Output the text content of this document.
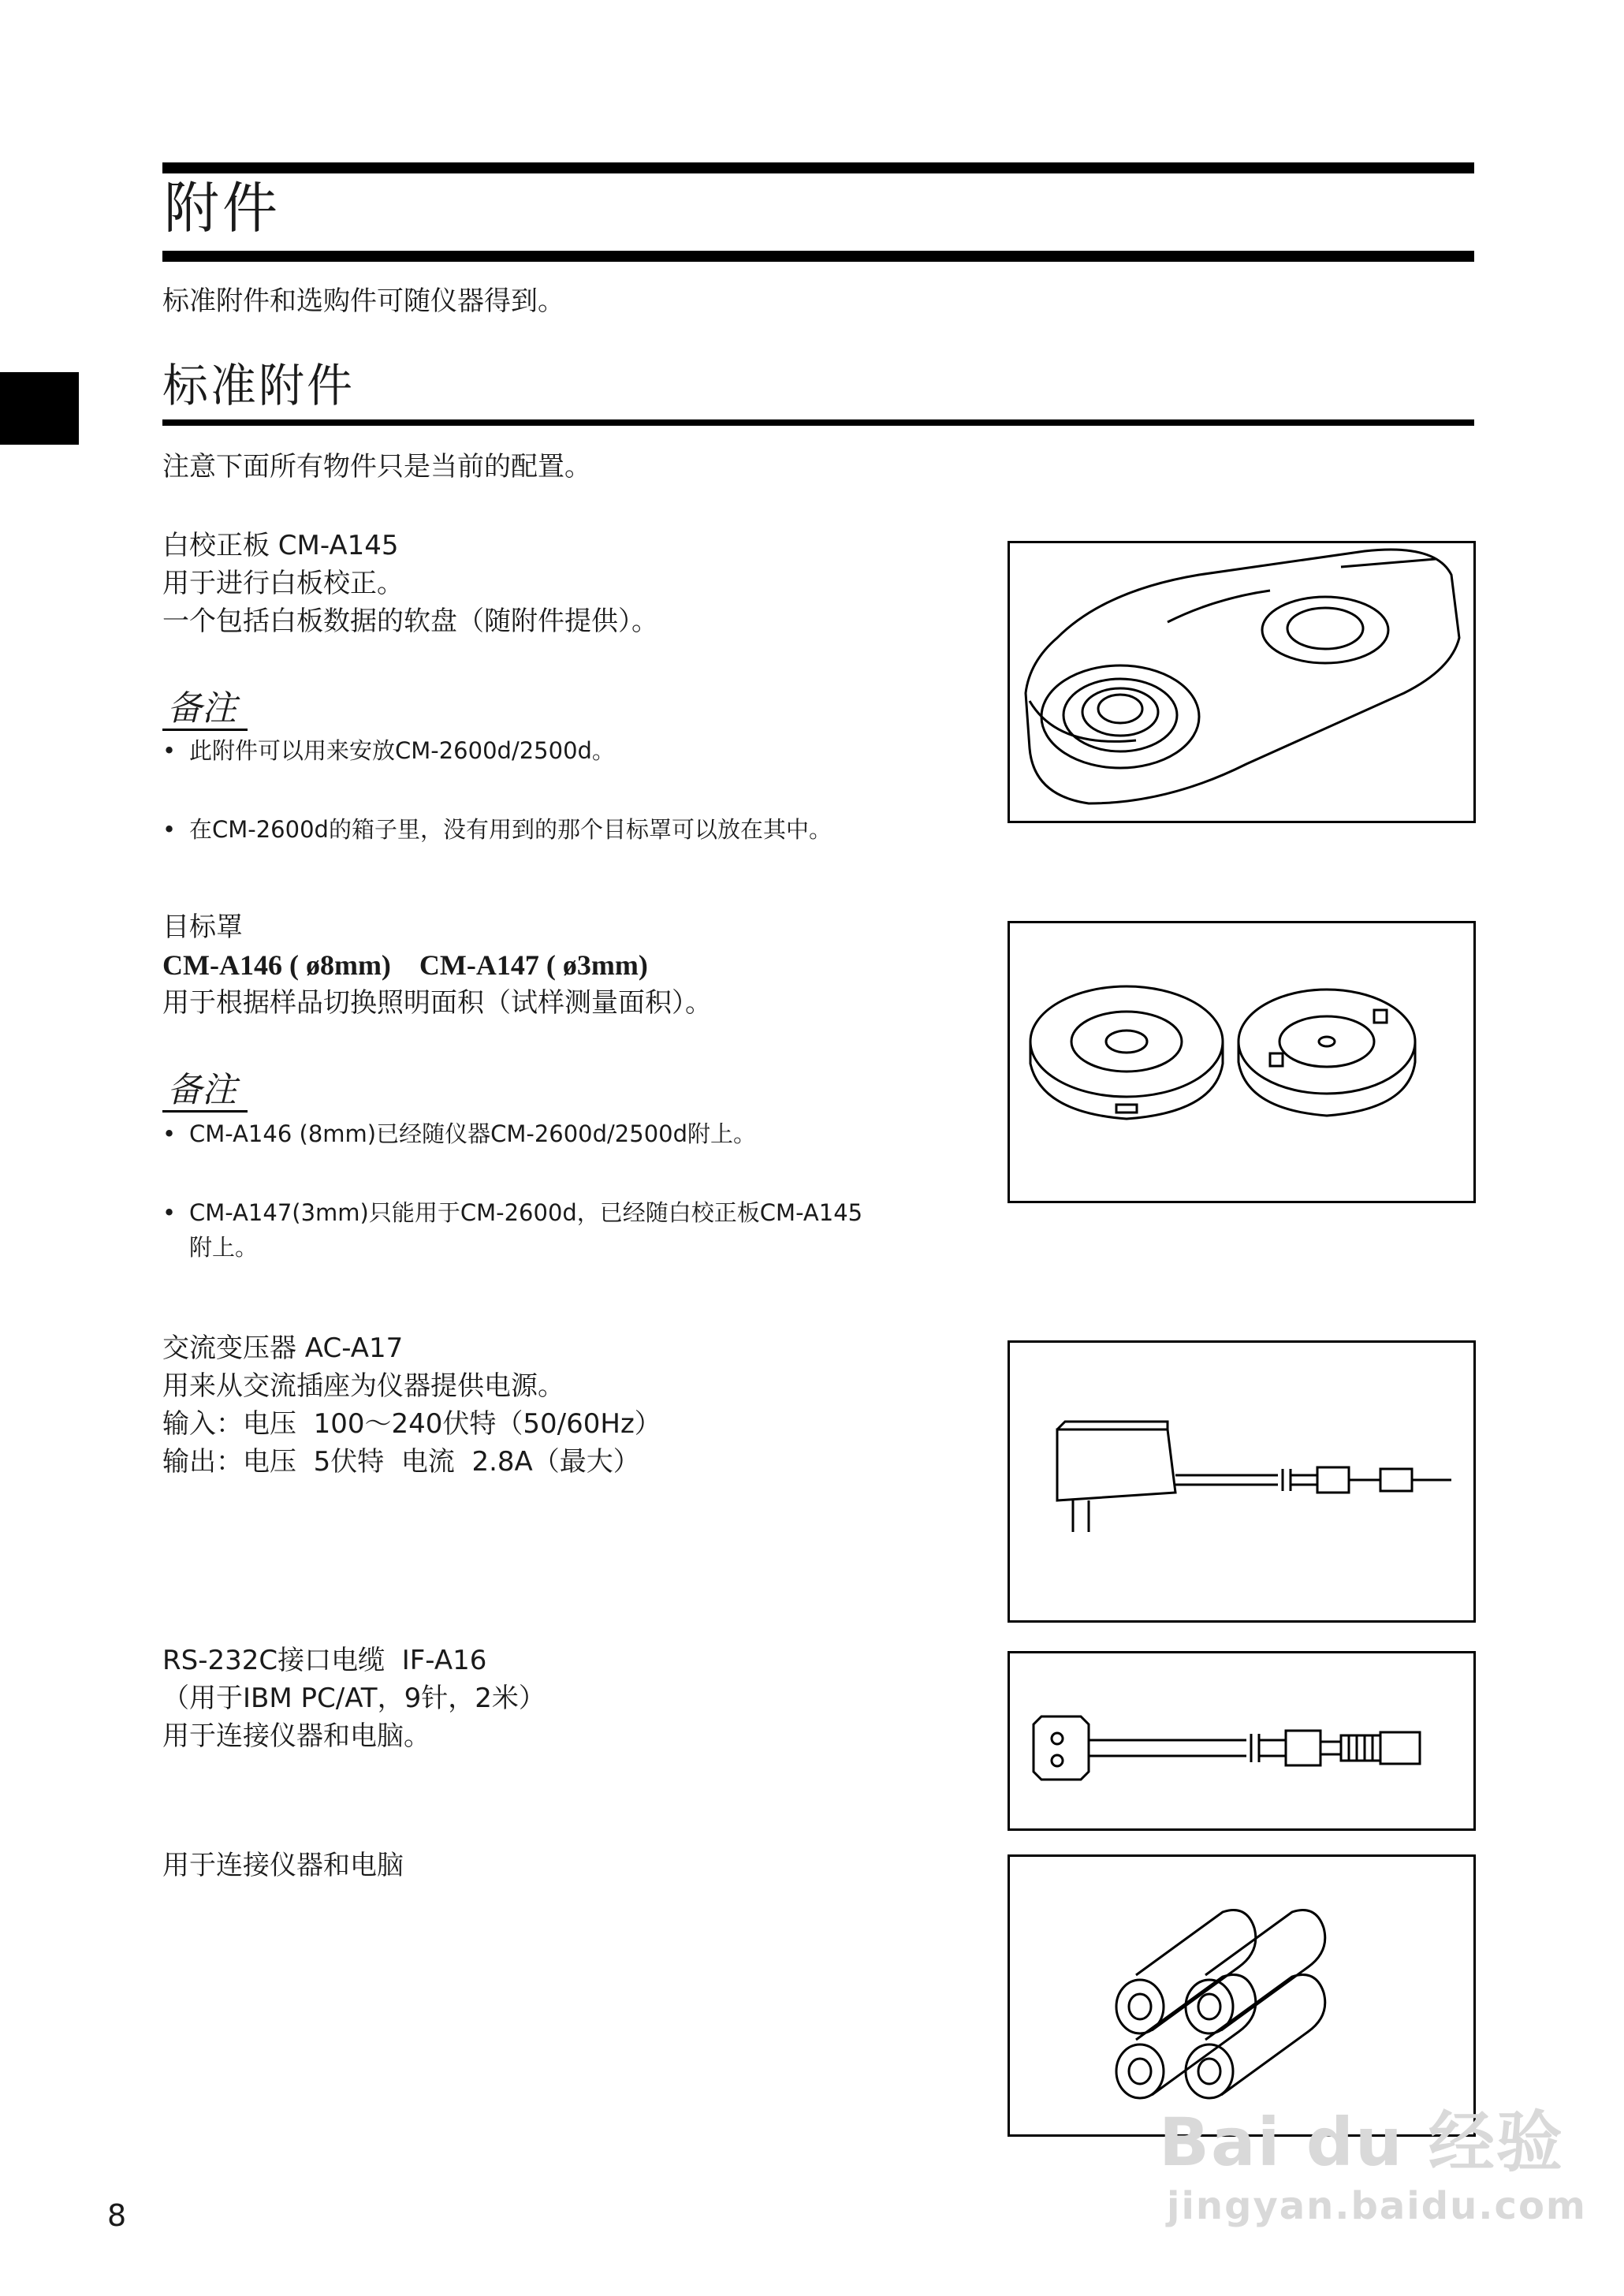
附件
标准附件和选购件可随仪器得到。
标准附件
注意下面所有物件只是当前的配置。
白校正板 CM-A145
用于进行白板校正。
一个包括白板数据的软盘（随附件提供）。
备注
• 此附件可以用来安放CM-2600d/2500d。
• 在CM-2600d的箱子里，没有用到的那个目标罩可以放在其中。
目标罩
CM-A146 ( ø8mm)    CM-A147 ( ø3mm)
用于根据样品切换照明面积（试样测量面积）。
备注
• CM-A146 (8mm)已经随仪器CM-2600d/2500d附上。
• CM-A147(3mm)只能用于CM-2600d，已经随白校正板CM-A145
附上。
交流变压器 AC-A17
用来从交流插座为仪器提供电源。
输入：电压  100～240伏特（50/60Hz）
输出：电压  5伏特  电流  2.8A（最大）
RS-232C接口电缆  IF-A16
（用于IBM PC/AT，9针，2米）
用于连接仪器和电脑。
用于连接仪器和电脑
Bai du 经验
jingyan.baidu.com
8
